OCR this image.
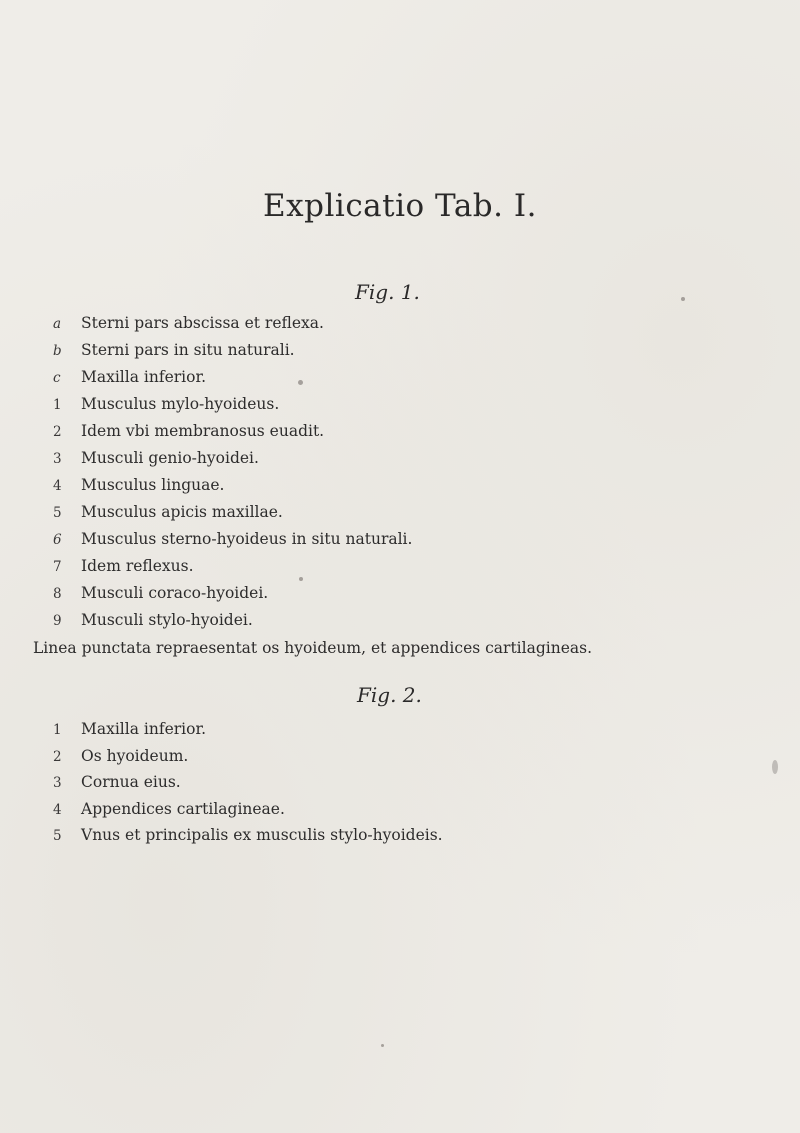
Explicatio Tab. I.
Fig. 1.
a Sterni pars abscissa et reflexa.
b Sterni pars in situ naturali.
c Maxilla inferior.
1 Musculus mylo-hyoideus.
2 Idem vbi membranosus euadit.
3 Musculi genio-hyoidei.
4 Musculus linguae.
5 Musculus apicis maxillae.
6 Musculus sterno-hyoideus in situ naturali.
7 Idem reflexus.
8 Musculi coraco-hyoidei.
9 Musculi stylo-hyoidei.
Linea punctata repraesentat os hyoideum, et appendices cartilagineas.
Fig. 2.
1 Maxilla inferior.
2 Os hyoideum.
3 Cornua eius.
4 Appendices cartilagineae.
5 Vnus et principalis ex musculis stylo-hyoideis.
